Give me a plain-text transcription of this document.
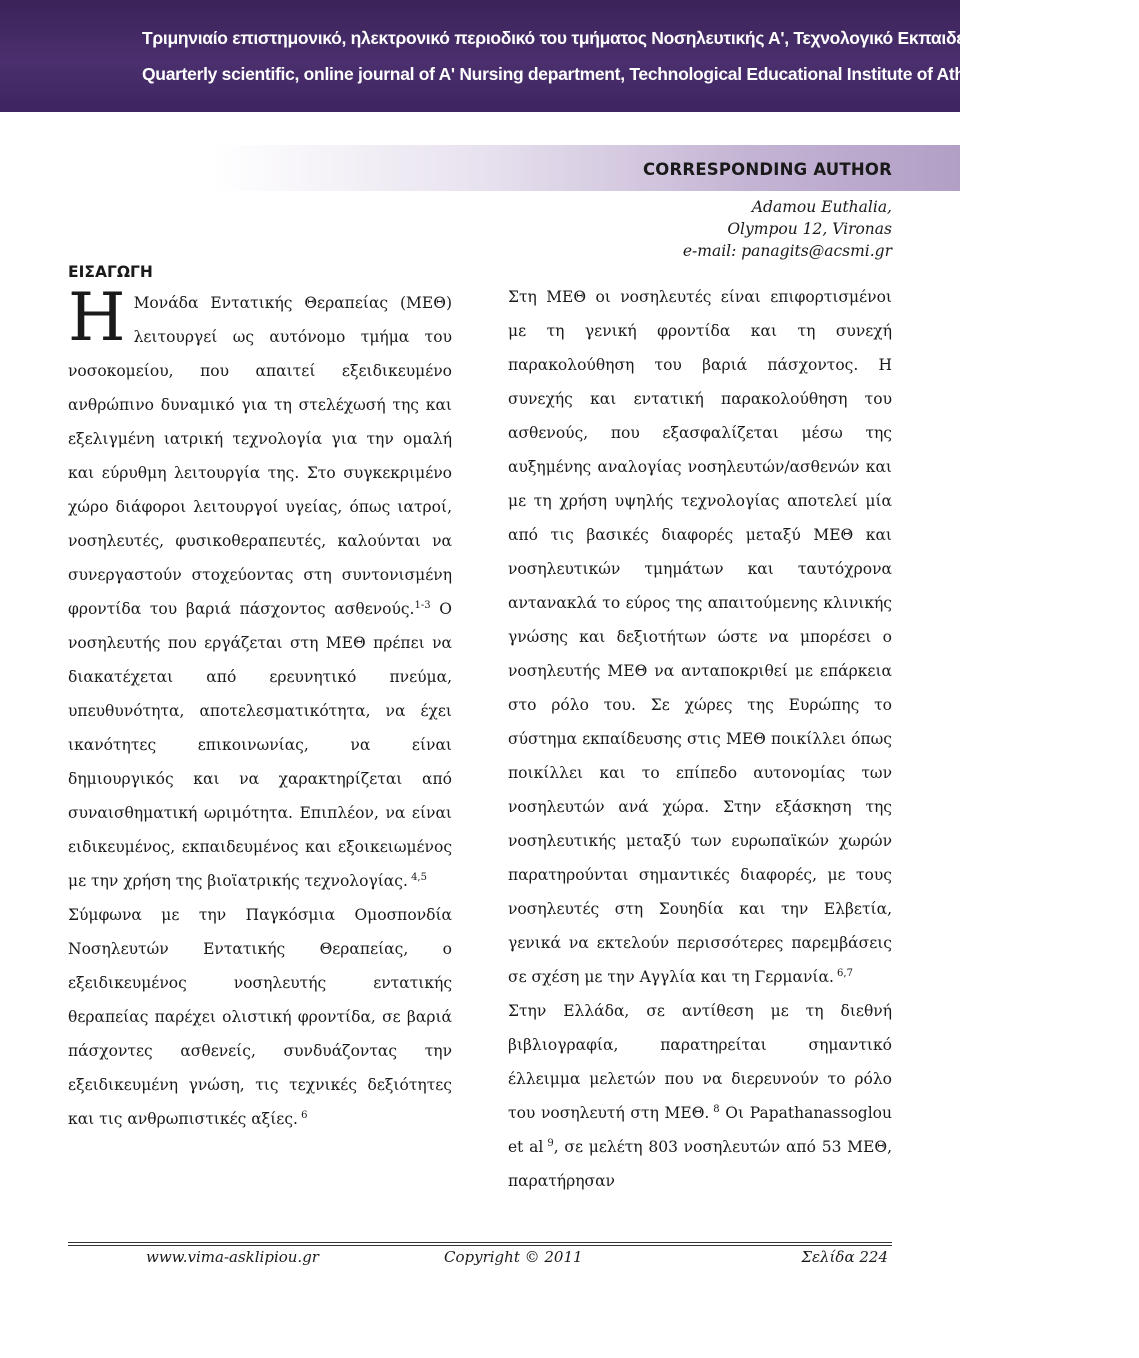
Τριμηνιαίο επιστημονικό, ηλεκτρονικό περιοδικό του τμήματος Νοσηλευτικής Α', Τεχνολογικό Εκπαιδευτικό Ίδρυμα Αθηνών
Quarterly scientific, online journal of A' Nursing department, Technological Educational Institute of Athens
CORRESPONDING AUTHOR
Adamou Euthalia,
Olympou 12, Vironas
e-mail: panagits@acsmi.gr
ΕΙΣΑΓΩΓΗ

Η Μονάδα Εντατικής Θεραπείας (ΜΕΘ) λειτουργεί ως αυτόνομο τμήμα του νοσοκομείου, που απαιτεί εξειδικευμένο ανθρώπινο δυναμικό για τη στελέχωσή της και εξελιγμένη ιατρική τεχνολογία για την ομαλή και εύρυθμη λειτουργία της. Στο συγκεκριμένο χώρο διάφοροι λειτουργοί υγείας, όπως ιατροί, νοσηλευτές, φυσικοθεραπευτές, καλούνται να συνεργαστούν στοχεύοντας στη συντονισμένη φροντίδα του βαριά πάσχοντος ασθενούς.$^{1-3}$ Ο νοσηλευτής που εργάζεται στη ΜΕΘ πρέπει να διακατέχεται από ερευνητικό πνεύμα, υπευθυνότητα, αποτελεσματικότητα, να έχει ικανότητες επικοινωνίας, να είναι δημιουργικός και να χαρακτηρίζεται από συναισθηματική ωριμότητα. Επιπλέον, να είναι ειδικευμένος, εκπαιδευμένος και εξοικειωμένος με την χρήση της βιοϊατρικής τεχνολογίας. $^{4,5}$

Σύμφωνα με την Παγκόσμια Ομοσπονδία Νοσηλευτών Εντατικής Θεραπείας, ο εξειδικευμένος νοσηλευτής εντατικής θεραπείας παρέχει ολιστική φροντίδα, σε βαριά πάσχοντες ασθενείς, συνδυάζοντας την εξειδικευμένη γνώση, τις τεχνικές δεξιότητες και τις ανθρωπιστικές αξίες. $^6$

Στη ΜΕΘ οι νοσηλευτές είναι επιφορτισμένοι με τη γενική φροντίδα και τη συνεχή παρακολούθηση του βαριά πάσχοντος. Η συνεχής και εντατική παρακολούθηση του ασθενούς, που εξασφαλίζεται μέσω της αυξημένης αναλογίας νοσηλευτών/ασθενών και με τη χρήση υψηλής τεχνολογίας αποτελεί μία από τις βασικές διαφορές μεταξύ ΜΕΘ και νοσηλευτικών τμημάτων και ταυτόχρονα αντανακλά το εύρος της απαιτούμενης κλινικής γνώσης και δεξιοτήτων ώστε να μπορέσει ο νοσηλευτής ΜΕΘ να ανταποκριθεί με επάρκεια στο ρόλο του. Σε χώρες της Ευρώπης το σύστημα εκπαίδευσης στις ΜΕΘ ποικίλλει όπως ποικίλλει και το επίπεδο αυτονομίας των νοσηλευτών ανά χώρα. Στην εξάσκηση της νοσηλευτικής μεταξύ των ευρωπαϊκών χωρών παρατηρούνται σημαντικές διαφορές, με τους νοσηλευτές στη Σουηδία και την Ελβετία, γενικά να εκτελούν περισσότερες παρεμβάσεις σε σχέση με την Αγγλία και τη Γερμανία. $^{6,7}$

Στην Ελλάδα, σε αντίθεση με τη διεθνή βιβλιογραφία, παρατηρείται σημαντικό έλλειμμα μελετών που να διερευνούν το ρόλο του νοσηλευτή στη ΜΕΘ. $^8$ Οι Papathanassoglou et al $^9$, σε μελέτη 803 νοσηλευτών από 53 ΜΕΘ, παρατήρησαν

www.vima-asklipiou.gr	Copyright © 2011	Σελίδα 224
